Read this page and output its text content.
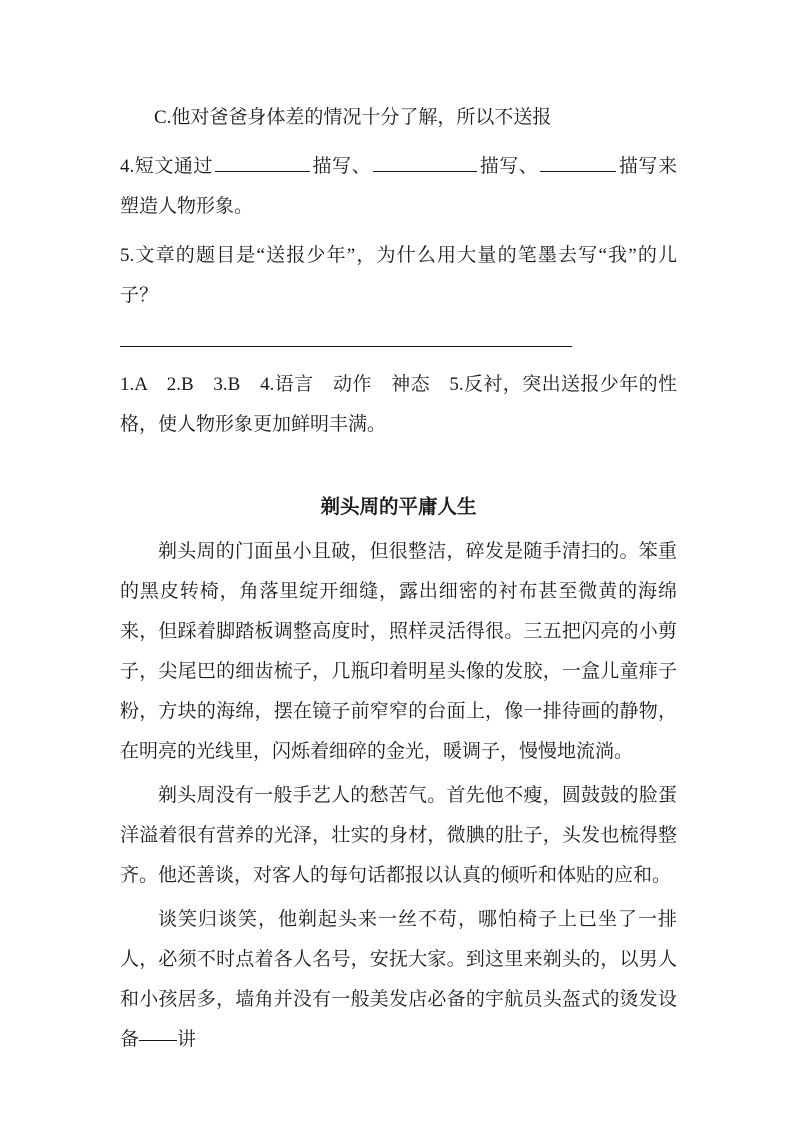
C.他对爸爸身体差的情况十分了解，所以不送报

4.短文通过	描写、	描写、	描写来塑造人物形象。

5.文章的题目是“送报少年”，为什么用大量的笔墨去写“我”的儿子？

1.A　2.B　3.B　4.语言　动作　神态　5.反衬，突出送报少年的性格，使人物形象更加鲜明丰满。

剃头周的平庸人生

剃头周的门面虽小且破，但很整洁，碎发是随手清扫的。笨重的黑皮转椅，角落里绽开细缝，露出细密的衬布甚至微黄的海绵来，但踩着脚踏板调整高度时，照样灵活得很。三五把闪亮的小剪子，尖尾巴的细齿梳子，几瓶印着明星头像的发胶，一盒儿童痱子粉，方块的海绵，摆在镜子前窄窄的台面上，像一排待画的静物，在明亮的光线里，闪烁着细碎的金光，暖调子，慢慢地流淌。

剃头周没有一般手艺人的愁苦气。首先他不瘦，圆鼓鼓的脸蛋洋溢着很有营养的光泽，壮实的身材，微腆的肚子，头发也梳得整齐。他还善谈，对客人的每句话都报以认真的倾听和体贴的应和。

谈笑归谈笑，他剃起头来一丝不苟，哪怕椅子上已坐了一排人，必须不时点着各人名号，安抚大家。到这里来剃头的，以男人和小孩居多，墙角并没有一般美发店必备的宇航员头盔式的烫发设备——讲
